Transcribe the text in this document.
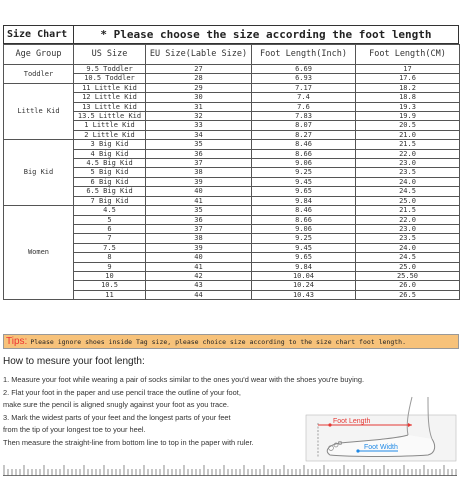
Size Chart	* Please choose the size according the foot length
Age Group	US Size	EU Size(Lable Size)	Foot Length(Inch)	Foot Length(CM)
Toddler	9.5 Toddler	27	6.69	17
	10.5 Toddler	28	6.93	17.6
Little Kid	11 Little Kid	29	7.17	18.2
	12 Little Kid	30	7.4	18.8
	13 Little Kid	31	7.6	19.3
	13.5 Little Kid	32	7.83	19.9
	1 Little Kid	33	8.07	20.5
	2 Little Kid	34	8.27	21.0
Big Kid	3 Big Kid	35	8.46	21.5
	4 Big Kid	36	8.66	22.0
	4.5 Big Kid	37	9.06	23.0
	5 Big Kid	38	9.25	23.5
	6 Big Kid	39	9.45	24.0
	6.5 Big Kid	40	9.65	24.5
	7 Big Kid	41	9.84	25.0
Women	4.5	35	8.46	21.5
	5	36	8.66	22.0
	6	37	9.06	23.0
	7	38	9.25	23.5
	7.5	39	9.45	24.0
	8	40	9.65	24.5
	9	41	9.84	25.0
	10	42	10.04	25.50
	10.5	43	10.24	26.0
	11	44	10.43	26.5
Tips: Please ignore shoes inside Tag size, please choice size according to the size chart foot length.
How to mesure your foot length:
1. Measure your foot while wearing a pair of socks similar to the ones you'd wear with the shoes you're buying.
2. Flat your foot in the paper and use pencil trace the outline of your foot,
make sure the pencil is aligned snugly against your foot as you trace.
3. Mark the widest parts of your feet and the longest parts of your feet
from the tip of your longest toe to your heel.
Then measure the straight-line from bottom line to top in the paper with ruler.
Foot Length
Foot Width
